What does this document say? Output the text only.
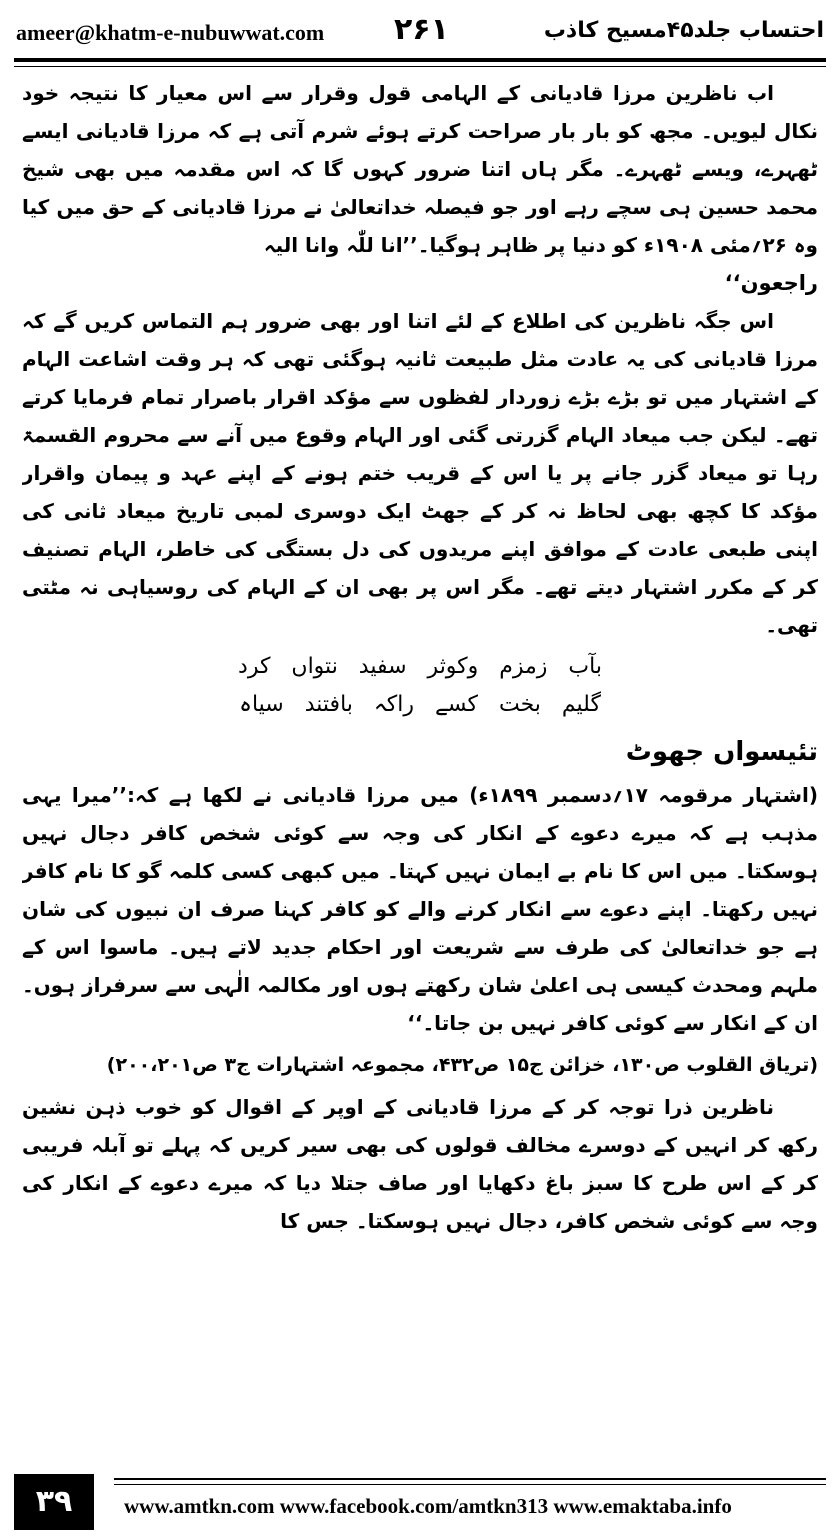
ameer@khatm-e-nubuwwat.com ۲۶۱	احتساب جلد۴۵مسیح کاذب

اب ناظرین مرزا قادیانی کے الہامی قول وقرار سے اس معیار کا نتیجہ خود نکال لیویں۔ مجھ کو بار بار صراحت کرتے ہوئے شرم آتی ہے کہ مرزا قادیانی ایسے ٹھہرے، ویسے ٹھہرے۔ مگر ہاں اتنا ضرور کہوں گا کہ اس مقدمہ میں بھی شیخ محمد حسین ہی سچے رہے اور جو فیصلہ خداتعالیٰ نے مرزا قادیانی کے حق میں کیا وہ ۲۶؍مئی ۱۹۰۸ء کو دنیا پر ظاہر ہوگیا۔’’انا للّٰہ وانا الیہ

راجعون‘‘

اس جگہ ناظرین کی اطلاع کے لئے اتنا اور بھی ضرور ہم التماس کریں گے کہ مرزا قادیانی کی یہ عادت مثل طبیعت ثانیہ ہوگئی تھی کہ ہر وقت اشاعت الہام کے اشتہار میں تو بڑے بڑے زوردار لفظوں سے مؤکد اقرار باصرار تمام فرمایا کرتے تھے۔ لیکن جب میعاد الہام گزرتی گئی اور الہام وقوع میں آنے سے محروم القسمۃ رہا تو میعاد گزر جانے پر یا اس کے قریب ختم ہونے کے اپنے عہد و پیمان واقرار مؤکد کا کچھ بھی لحاظ نہ کر کے جھٹ ایک دوسری لمبی تاریخ میعاد ثانی کی اپنی طبعی عادت کے موافق اپنے مریدوں کی دل بستگی کی خاطر، الہام تصنیف کر کے مکرر اشتہار دیتے تھے۔ مگر اس پر بھی ان کے الہام کی روسیاہی نہ مٹتی تھی۔

بآب زمزم وکوثر سفید نتواں کرد
گلیم بخت کسے راکہ بافتند سیاہ
تئیسواں جھوٹ

(اشتہار مرقومہ ۱۷؍دسمبر ۱۸۹۹ء) میں مرزا قادیانی نے لکھا ہے کہ:’’میرا یہی مذہب ہے کہ میرے دعوے کے انکار کی وجہ سے کوئی شخص کافر دجال نہیں ہوسکتا۔ میں اس کا نام بے ایمان نہیں کہتا۔ میں کبھی کسی کلمہ گو کا نام کافر نہیں رکھتا۔ اپنے دعوے سے انکار کرنے والے کو کافر کہنا صرف ان نبیوں کی شان ہے جو خداتعالیٰ کی طرف سے شریعت اور احکام جدید لاتے ہیں۔ ماسوا اس کے ملہم ومحدث کیسی ہی اعلیٰ شان رکھتے ہوں اور مکالمہ الٰہی سے سرفراز ہوں۔ ان کے انکار سے کوئی کافر نہیں بن جاتا۔‘‘

(تریاق القلوب ص۱۳۰، خزائن ج۱۵ ص۴۳۲، مجموعہ اشتہارات ج۳ ص۲۰۰،۲۰۱)

ناظرین ذرا توجہ کر کے مرزا قادیانی کے اوپر کے اقوال کو خوب ذہن نشین رکھ کر انہیں کے دوسرے مخالف قولوں کی بھی سیر کریں کہ پہلے تو آبلہ فریبی کر کے اس طرح کا سبز باغ دکھایا اور صاف جتلا دیا کہ میرے دعوے کے انکار کی وجہ سے کوئی شخص کافر، دجال نہیں ہوسکتا۔ جس کا

۳۹	www.amtkn.com www.facebook.com/amtkn313 www.emaktaba.info
